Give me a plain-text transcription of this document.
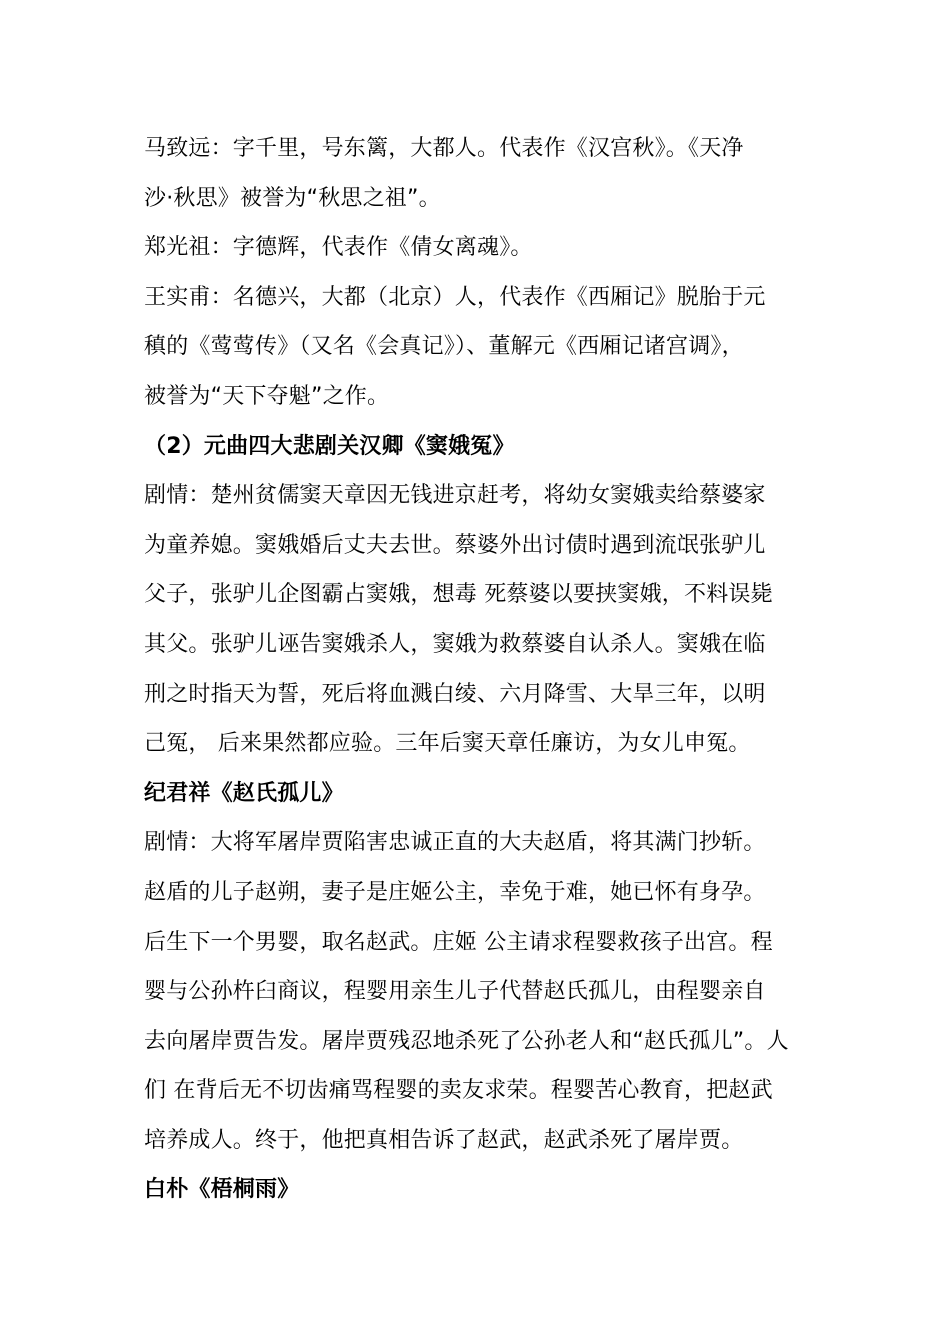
马致远：字千里，号东篱，大都人。代表作《汉宫秋》。《天净
沙·秋思》被誉为“秋思之祖”。
郑光祖：字德辉，代表作《倩女离魂》。
王实甫：名德兴，大都（北京）人，代表作《西厢记》脱胎于元
稹的《莺莺传》（又名《会真记》）、董解元《西厢记诸宫调》，
被誉为“天下夺魁”之作。
（2）元曲四大悲剧关汉卿《窦娥冤》
剧情：楚州贫儒窦天章因无钱进京赶考，将幼女窦娥卖给蔡婆家
为童养媳。窦娥婚后丈夫去世。蔡婆外出讨债时遇到流氓张驴儿
父子，张驴儿企图霸占窦娥，想毒 死蔡婆以要挟窦娥，不料误毙
其父。张驴儿诬告窦娥杀人，窦娥为救蔡婆自认杀人。窦娥在临
刑之时指天为誓，死后将血溅白绫、六月降雪、大旱三年，以明
己冤， 后来果然都应验。三年后窦天章任廉访，为女儿申冤。
纪君祥《赵氏孤儿》
剧情：大将军屠岸贾陷害忠诚正直的大夫赵盾，将其满门抄斩。
赵盾的儿子赵朔，妻子是庄姬公主，幸免于难，她已怀有身孕。
后生下一个男婴，取名赵武。庄姬 公主请求程婴救孩子出宫。程
婴与公孙杵臼商议，程婴用亲生儿子代替赵氏孤儿，由程婴亲自
去向屠岸贾告发。屠岸贾残忍地杀死了公孙老人和“赵氏孤儿”。人
们 在背后无不切齿痛骂程婴的卖友求荣。程婴苦心教育，把赵武
培养成人。终于，他把真相告诉了赵武，赵武杀死了屠岸贾。
白朴《梧桐雨》
